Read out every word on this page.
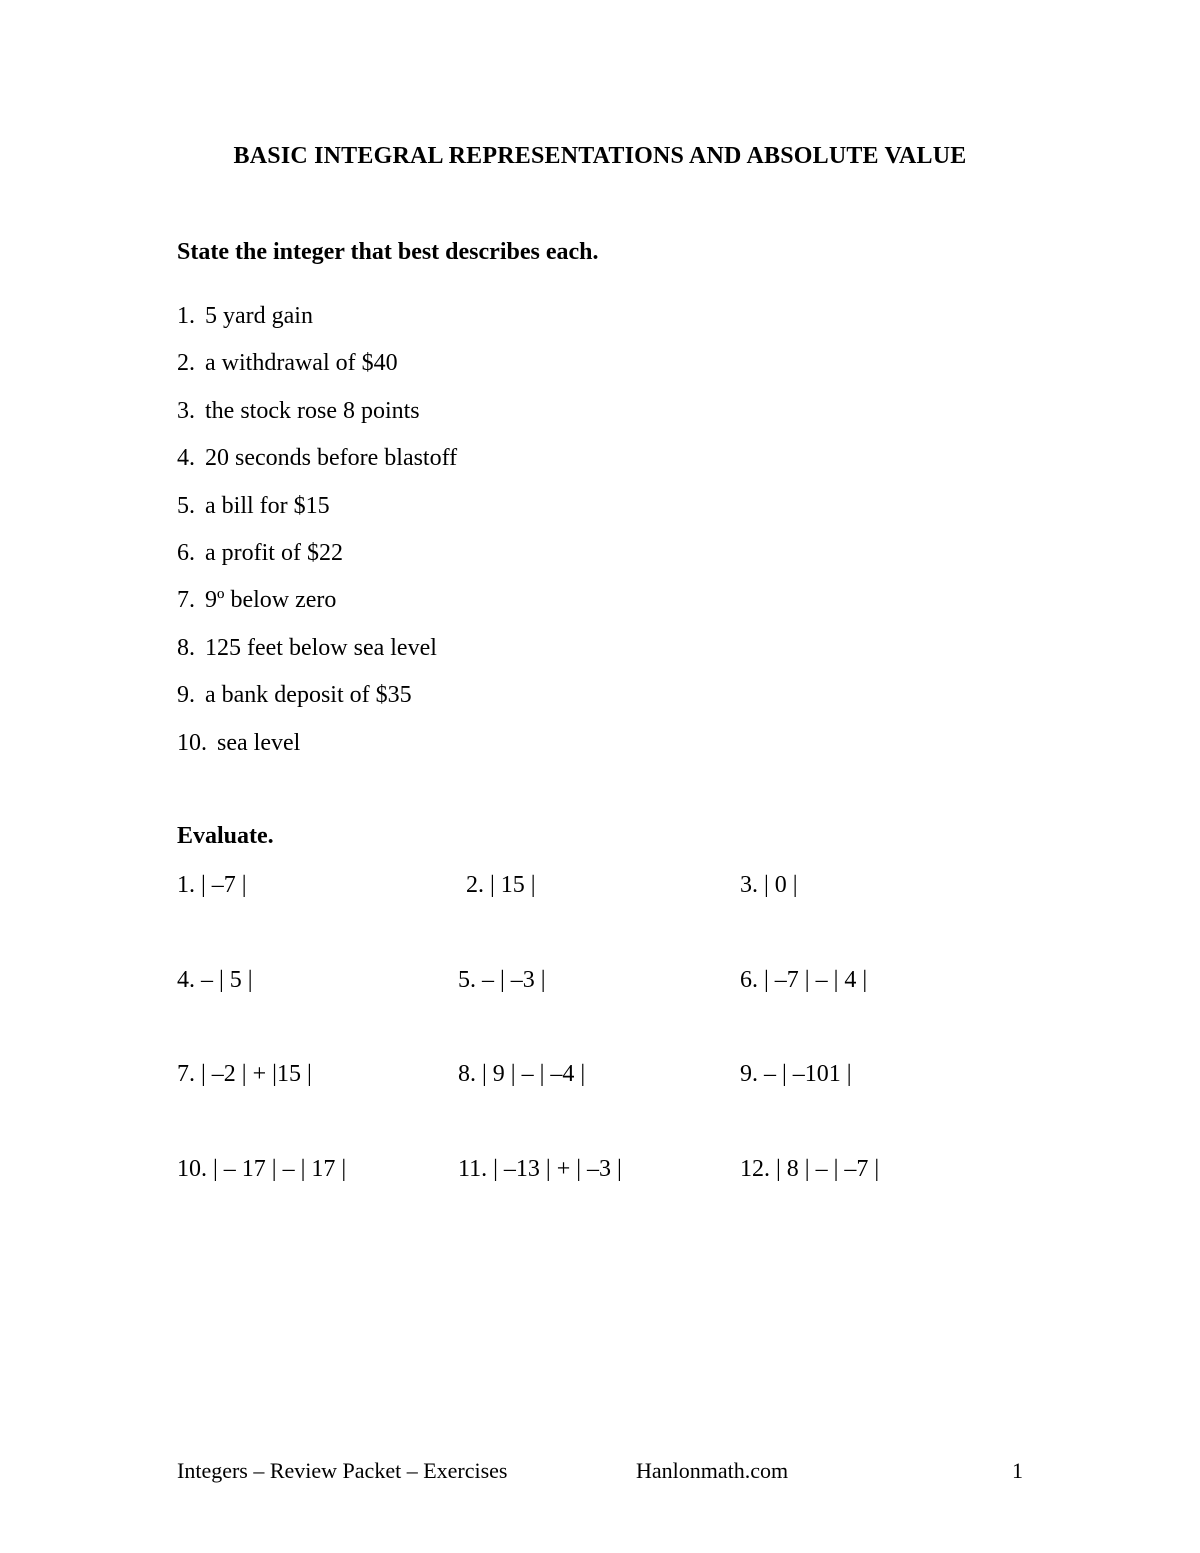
BASIC INTEGRAL REPRESENTATIONS AND ABSOLUTE VALUE
State the integer that best describes each.
1. 5 yard gain
2. a withdrawal of $40
3. the stock rose 8 points
4. 20 seconds before blastoff
5. a bill for $15
6. a profit of $22
7. 9º below zero
8. 125 feet below sea level
9. a bank deposit of $35
10. sea level
Evaluate.
1. | –7 |	2. | 15 |	3. | 0 |
4. – | 5 |	5. – | –3 |	6. | –7 | – | 4 |
7. | –2 | + |15 |	8. | 9 | – | –4 |	9. – | –101 |
10. | – 17 | – | 17 |	11. | –13 | + | –3 |	12. | 8 | – | –7 |
Integers – Review Packet – Exercises	Hanlonmath.com	1
